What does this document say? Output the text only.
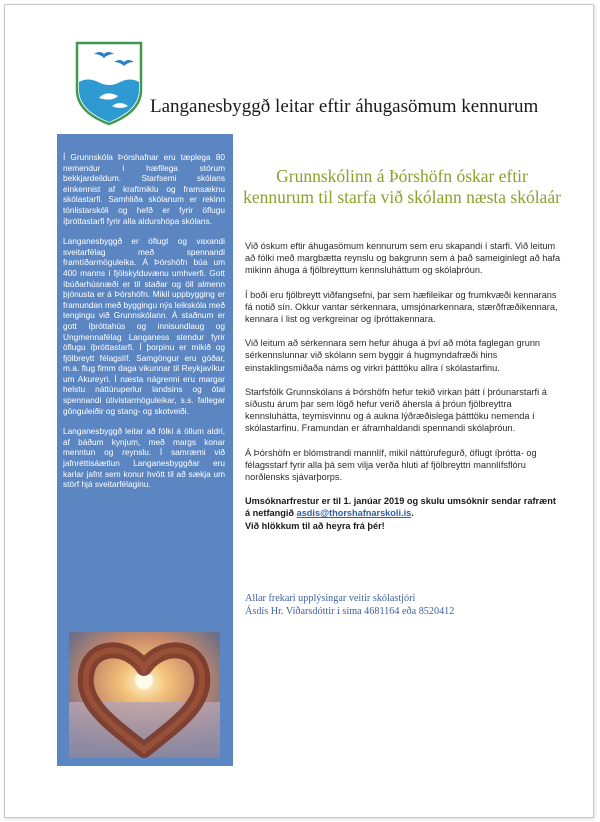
Langanesbyggð leitar eftir áhugasömum kennurum

Í Grunnskóla Þórshafnar eru tæplega 80 nemendur í hæfilega stórum bekkjardeildum. Starfsemi skólans einkennist af kraftmiklu og framsæknu skólastarfi. Samhliða skólanum er rekinn tónlistarskóli og hefð er fyrir öflugu íþróttastarfi fyrir alla aldurshópa skólans.

Langanesbyggð er öflugt og vaxandi sveitarfélag með spennandi framtíðarmöguleika. Á Þórshöfn búa um 400 manns í fjölskylduvænu umhverfi. Gott íbúðarhúsnæði er til staðar og öll almenn þjónusta er á Þórshöfn. Mikil uppbygging er framundan með byggingu nýs leikskóla með tengingu við Grunnskólann. Á staðnum er gott íþróttahús og innisundlaug og Ungmennafélag Langaness stendur fyrir öflugu íþróttastarfi. Í þorpinu er mikið og fjölbreytt félagslíf. Samgöngur eru góðar, m.a. flug fimm daga vikunnar til Reykjavíkur um Akureyri. Í næsta nágrenni eru margar helstu náttúruperlur landsins og ótal spennandi útivistarmöguleikar, s.s. fallegar gönguleiðir og stang- og skotveiði.

Langanesbyggð leitar að fólki á öllum aldri, af báðum kynjum, með margs konar menntun og reynslu. Í samræmi við jafnréttisáætlun Langanesbyggðar eru karlar jafnt sem konur hvött til að sækja um störf hjá sveitarfélaginu.

Grunnskólinn á Þórshöfn óskar eftir kennurum til starfa við skólann næsta skólaár

Við óskum eftir áhugasömum kennurum sem eru skapandi í starfi. Við leitum að fólki með margbætta reynslu og bakgrunn sem á það sameiginlegt að hafa mikinn áhuga á fjölbreyttum kennsluháttum og skólaþróun.

Í boði eru fjölbreytt viðfangsefni, þar sem hæfileikar og frumkvæði kennarans fá notið sín. Okkur vantar sérkennara, umsjónarkennara, stærðfræðikennara, kennara í list og verkgreinar og íþróttakennara.

Við leitum að sérkennara sem hefur áhuga á því að móta faglegan grunn sérkennslunnar við skólann sem byggir á hugmyndafræði hins einstaklingsmiðaða náms og virkri þátttöku allra í skólastarfinu.

Starfsfólk Grunnskólans á Þórshöfn hefur tekið virkan þátt í þróunarstarfi á síðustu árum þar sem lögð hefur verið áhersla á þróun fjölbreyttra kennsluhátta, teymisvinnu og á aukna lýðræðislega þátttöku nemenda í skólastarfinu. Framundan er áframhaldandi spennandi skólaþróun.

Á Þórshöfn er blómstrandi mannlíf, mikil náttúrufegurð, öflugt íþrótta- og félagsstarf fyrir alla þá sem vilja verða hluti af fjölbreyttri mannlífsflóru norðlensks sjávarþorps.

Umsóknarfrestur er til 1. janúar 2019 og skulu umsóknir sendar rafrænt á netfangið asdis@thorshafnarskoli.is.

Við hlökkum til að heyra frá þér!

Allar frekari upplýsingar veitir skólastjóri
Ásdís Hr. Viðarsdóttir í síma 4681164 eða 8520412
